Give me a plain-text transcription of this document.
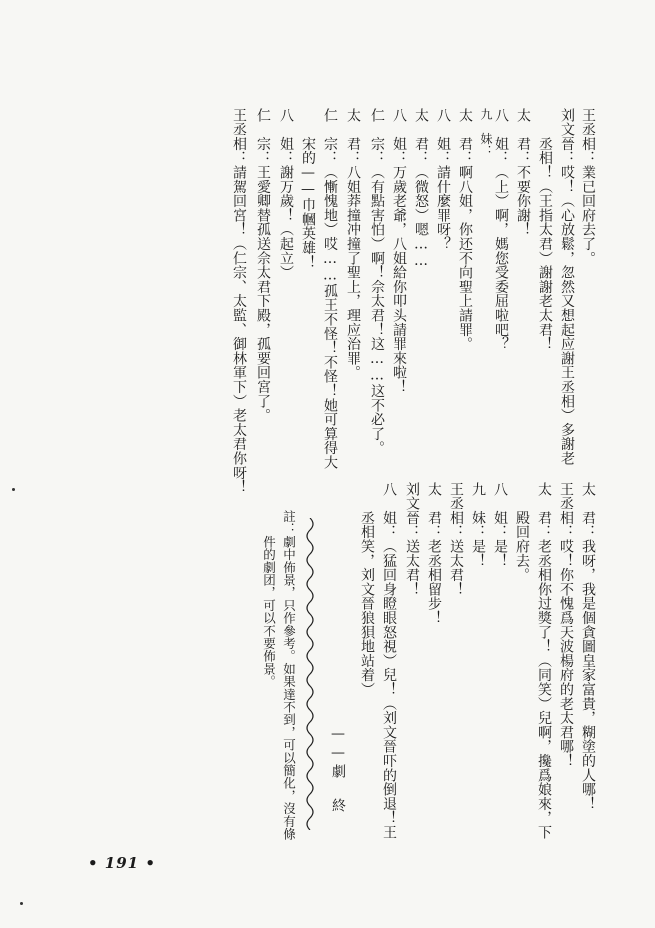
王丞相：業已回府去了。
刘文晉：哎！（心放鬆，忽然又想起应謝王丞相）多謝老
　　丞相！（王指太君）謝謝老太君！
太　君：不要你謝！
八　姐：（上）啊，媽您受委屈啦吧？
九　妹：
太　君：啊八姐，你还不向聖上請罪。
八　姐：請什麼罪呀？
太　君：（微怒）嗯……
八　姐：万歲老爺，八姐給你叩头請罪來啦！
仁　宗：（有點害怕）啊！佘太君！这……这不必了。
太　君：八姐莽撞冲撞了聖上，理应治罪。
仁　宗：（慚愧地）哎……孤王不怪！不怪！她可算得大
　　宋的——巾幗英雄！
八　姐：謝万歲！（起立）
仁　宗：王愛卿替孤送佘太君下殿，孤要回宮了。
王丞相：請駕回宮！（仁宗、太監、御林軍下）老太君你呀！
太　君：我呀，我是個貪圖皇家富貴，糊塗的人哪！
王丞相：哎！你不愧爲天波楊府的老太君哪！
太　君：老丞相你过獎了！（同笑）兒啊，攙爲娘來，下
　　殿回府去。
八　姐：是！
九　妹：是！
王丞相：送太君！
太　君：老丞相留步！
刘文晉：送太君！
八　姐：（猛回身瞪眼怒視）兒！（刘文晉吓的倒退！王
　　丞相笑，刘文晉狼狽地站着）
——劇　終
註：劇中佈景，只作參考。如果達不到，可以簡化，沒有條
　　件的劇团，可以不要佈景。
• 191 •
